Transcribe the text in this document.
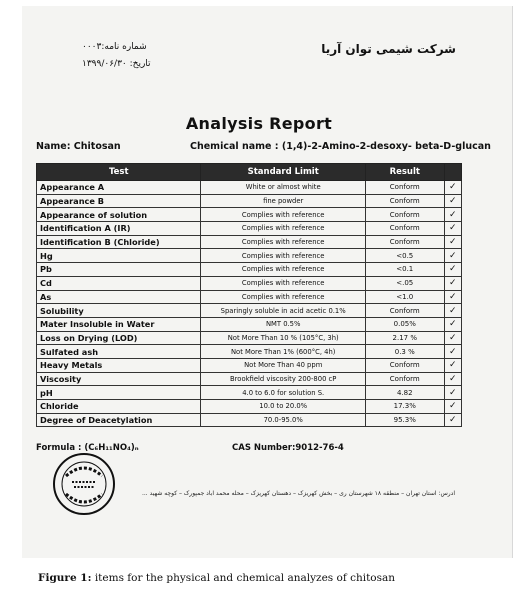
شرکت شیمی توان آریا
شماره نامه:۰۰۰۳
تاریخ: ۱۳۹۹/۰۶/۳۰
Analysis Report
Name: Chitosan	Chemical name : (1,4)-2-Amino-2-desoxy- beta-D-glucan
Test	Standard Limit	Result	
Appearance A	White or almost white	Conform	✓
Appearance B	fine powder	Conform	✓
Appearance of solution	Complies with reference	Conform	✓
Identification A (IR)	Complies with reference	Conform	✓
Identification B (Chloride)	Complies with reference	Conform	✓
Hg	Complies with reference	<0.5	✓
Pb	Complies with reference	<0.1	✓
Cd	Complies with reference	<.05	✓
As	Complies with reference	<1.0	✓
Solubility	Sparingly soluble in acid acetic 0.1%	Conform	✓
Mater Insoluble in Water	NMT 0.5%	0.05%	✓
Loss on Drying (LOD)	Not More Than 10 % (105°C, 3h)	2.17 %	✓
Sulfated ash	Not More Than 1% (600°C, 4h)	0.3 %	✓
Heavy Metals	Not More Than 40 ppm	Conform	✓
Viscosity	Brookfield viscosity 200-800 cP	Conform	✓
pH	4.0 to 6.0 for solution S.	4.82	✓
Chloride	10.0 to 20.0%	17.3%	✓
Degree of Deacetylation	70.0-95.0%	95.3%	✓
Formula : (C₆H₁₁NO₄)ₙ	CAS Number:9012-76-4
آدرس: استان تهران – منطقه ۱۸ شهرستان ری – بخش کهریزک – دهستان کهریزک – محله محمد آباد جمپورک – کوچه شهید ...
Figure 1: items for the physical and chemical analyzes of chitosan
